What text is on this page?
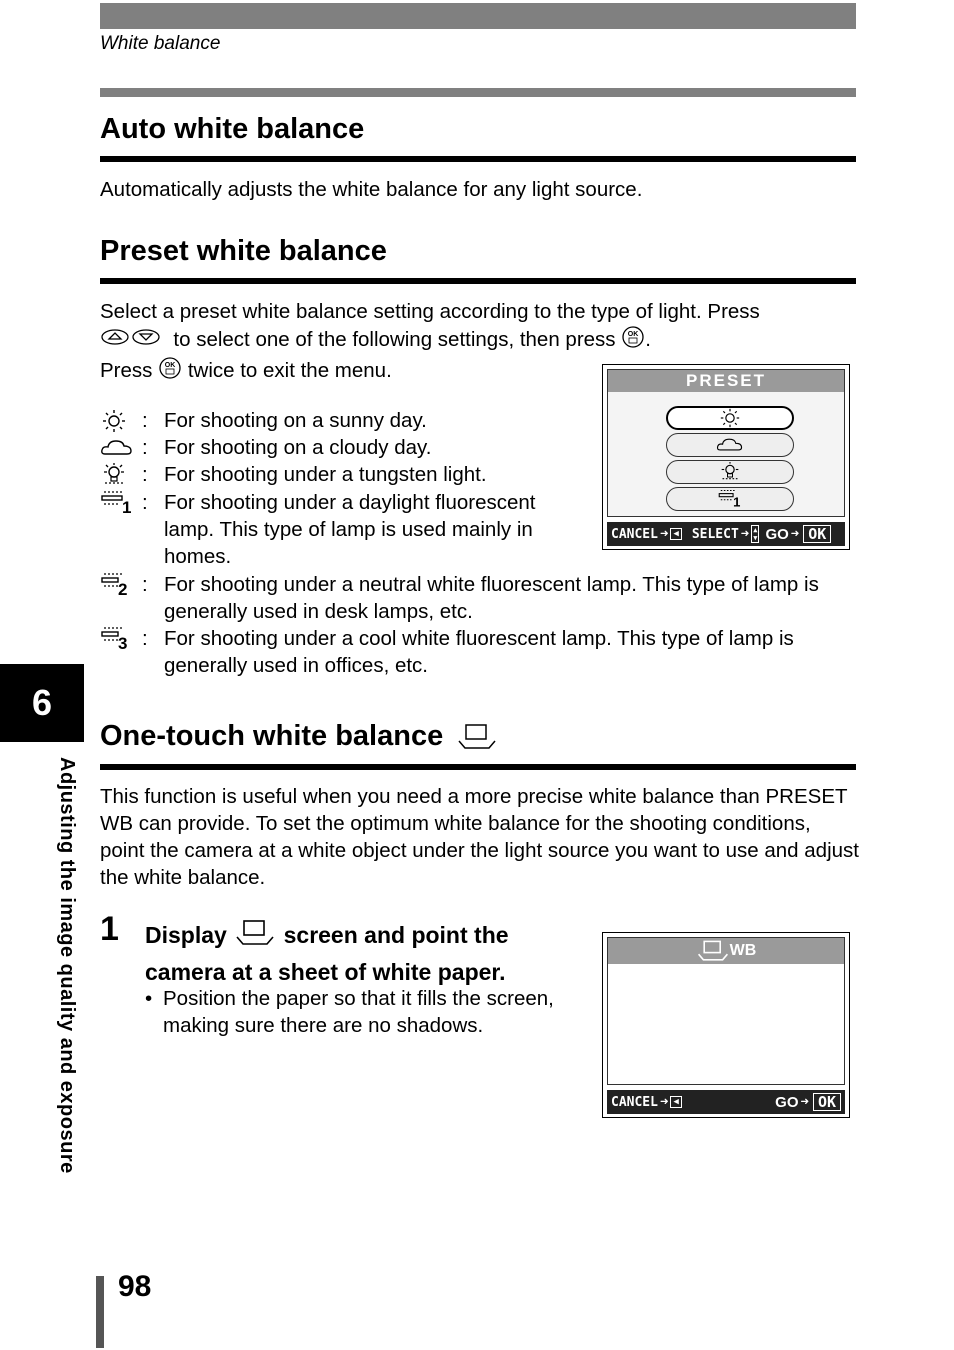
White balance
Auto white balance
Automatically adjusts the white balance for any light source.
Preset white balance
Select a preset white balance setting according to the type of light. Press
to select one of the following settings, then press OK .
Press OK twice to exit the menu.
: For shooting on a sunny day.
: For shooting on a cloudy day.
: For shooting under a tungsten light.
1 : For shooting under a daylight fluorescent lamp. This type of lamp is used mainly in homes.
2 : For shooting under a neutral white fluorescent lamp. This type of lamp is generally used in desk lamps, etc.
3 : For shooting under a cool white fluorescent lamp. This type of lamp is generally used in offices, etc.
PRESET
1
CANCEL ➜ ◀ SELECT ➜ ▲
▼ GO ➜ OK
One-touch white balance
This function is useful when you need a more precise white balance than PRESET WB can provide. To set the optimum white balance for the shooting conditions, point the camera at a white object under the light source you want to use and adjust the white balance.
1 Display screen and point the camera at a sheet of white paper.
• Position the paper so that it fills the screen, making sure there are no shadows.
WB
CANCEL ➜ ◀	GO ➜ OK
6
Adjusting the image quality and exposure
98
